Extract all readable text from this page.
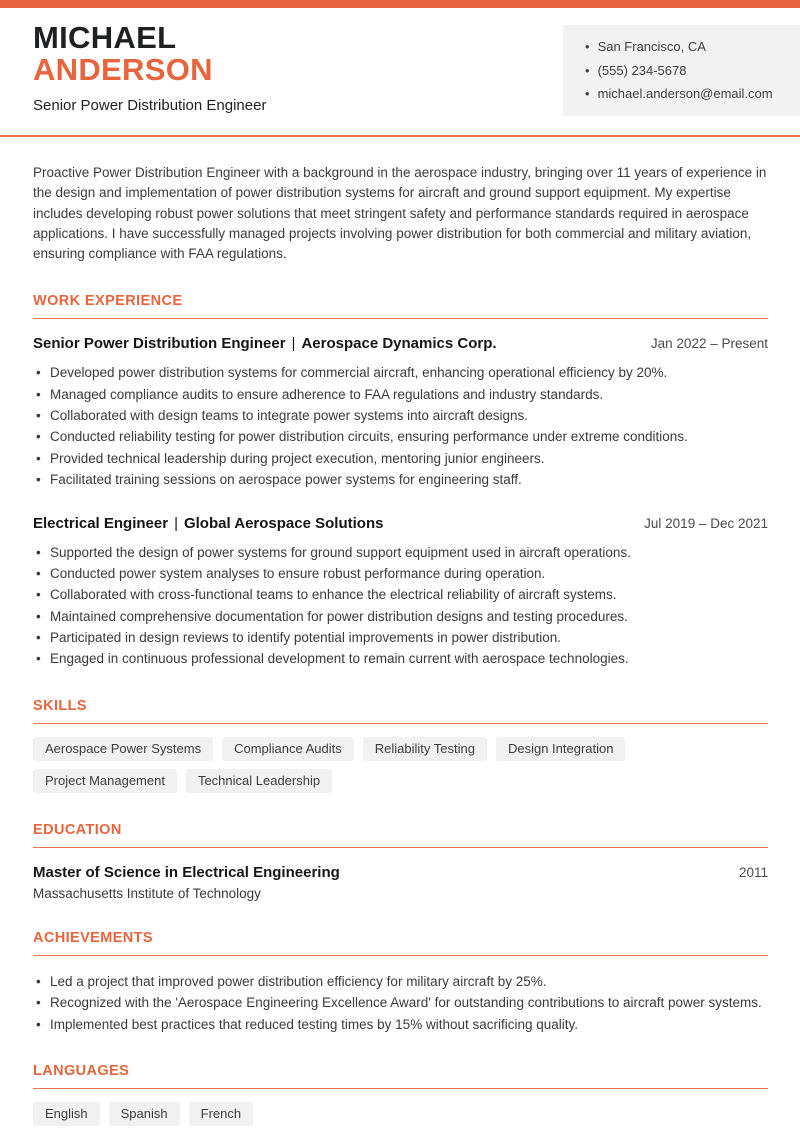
MICHAEL
ANDERSON
Senior Power Distribution Engineer
• San Francisco, CA
• (555) 234-5678
• michael.anderson@email.com

Proactive Power Distribution Engineer with a background in the aerospace industry, bringing over 11 years of experience in the design and implementation of power distribution systems for aircraft and ground support equipment. My expertise includes developing robust power solutions that meet stringent safety and performance standards required in aerospace applications. I have successfully managed projects involving power distribution for both commercial and military aviation, ensuring compliance with FAA regulations.

WORK EXPERIENCE
Senior Power Distribution Engineer | Aerospace Dynamics Corp.	Jan 2022 – Present
• Developed power distribution systems for commercial aircraft, enhancing operational efficiency by 20%.
• Managed compliance audits to ensure adherence to FAA regulations and industry standards.
• Collaborated with design teams to integrate power systems into aircraft designs.
• Conducted reliability testing for power distribution circuits, ensuring performance under extreme conditions.
• Provided technical leadership during project execution, mentoring junior engineers.
• Facilitated training sessions on aerospace power systems for engineering staff.
Electrical Engineer | Global Aerospace Solutions	Jul 2019 – Dec 2021
• Supported the design of power systems for ground support equipment used in aircraft operations.
• Conducted power system analyses to ensure robust performance during operation.
• Collaborated with cross-functional teams to enhance the electrical reliability of aircraft systems.
• Maintained comprehensive documentation for power distribution designs and testing procedures.
• Participated in design reviews to identify potential improvements in power distribution.
• Engaged in continuous professional development to remain current with aerospace technologies.
SKILLS
Aerospace Power Systems	Compliance Audits	Reliability Testing	Design Integration
Project Management	Technical Leadership
EDUCATION
Master of Science in Electrical Engineering	2011
Massachusetts Institute of Technology
ACHIEVEMENTS
• Led a project that improved power distribution efficiency for military aircraft by 25%.
• Recognized with the 'Aerospace Engineering Excellence Award' for outstanding contributions to aircraft power systems.
• Implemented best practices that reduced testing times by 15% without sacrificing quality.
LANGUAGES
English	Spanish	French
